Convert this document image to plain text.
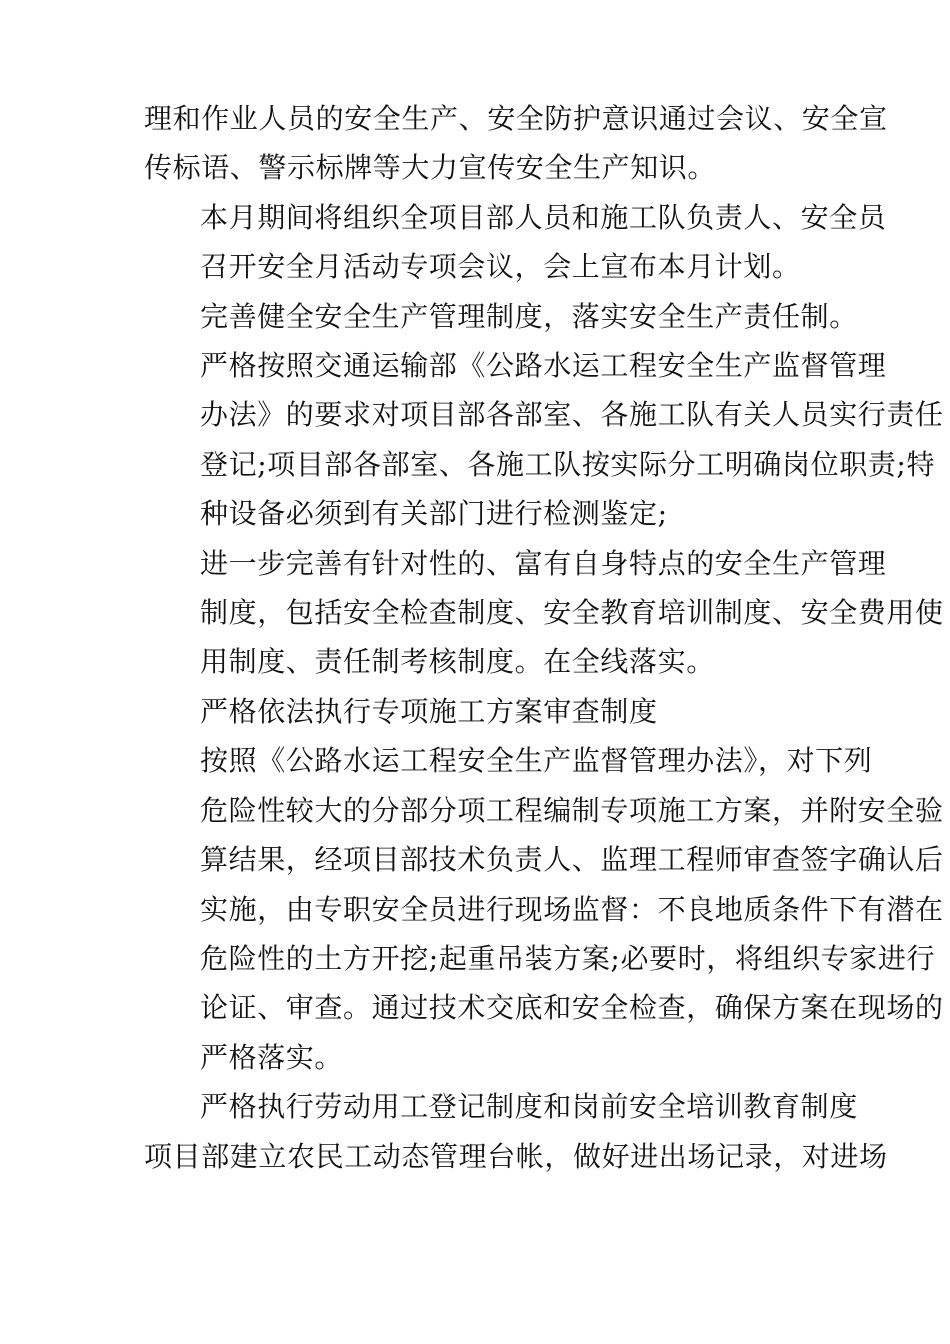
理和作业人员的安全生产、安全防护意识通过会议、安全宣
传标语、警示标牌等大力宣传安全生产知识。
本月期间将组织全项目部人员和施工队负责人、安全员
召开安全月活动专项会议，会上宣布本月计划。
完善健全安全生产管理制度，落实安全生产责任制。
严格按照交通运输部《公路水运工程安全生产监督管理
办法》的要求对项目部各部室、各施工队有关人员实行责任
登记;项目部各部室、各施工队按实际分工明确岗位职责;特
种设备必须到有关部门进行检测鉴定;
进一步完善有针对性的、富有自身特点的安全生产管理
制度，包括安全检查制度、安全教育培训制度、安全费用使
用制度、责任制考核制度。在全线落实。
严格依法执行专项施工方案审查制度
按照《公路水运工程安全生产监督管理办法》，对下列
危险性较大的分部分项工程编制专项施工方案，并附安全验
算结果，经项目部技术负责人、监理工程师审查签字确认后
实施，由专职安全员进行现场监督：不良地质条件下有潜在
危险性的土方开挖;起重吊装方案;必要时，将组织专家进行
论证、审查。通过技术交底和安全检查，确保方案在现场的
严格落实。
严格执行劳动用工登记制度和岗前安全培训教育制度
项目部建立农民工动态管理台帐，做好进出场记录，对进场
